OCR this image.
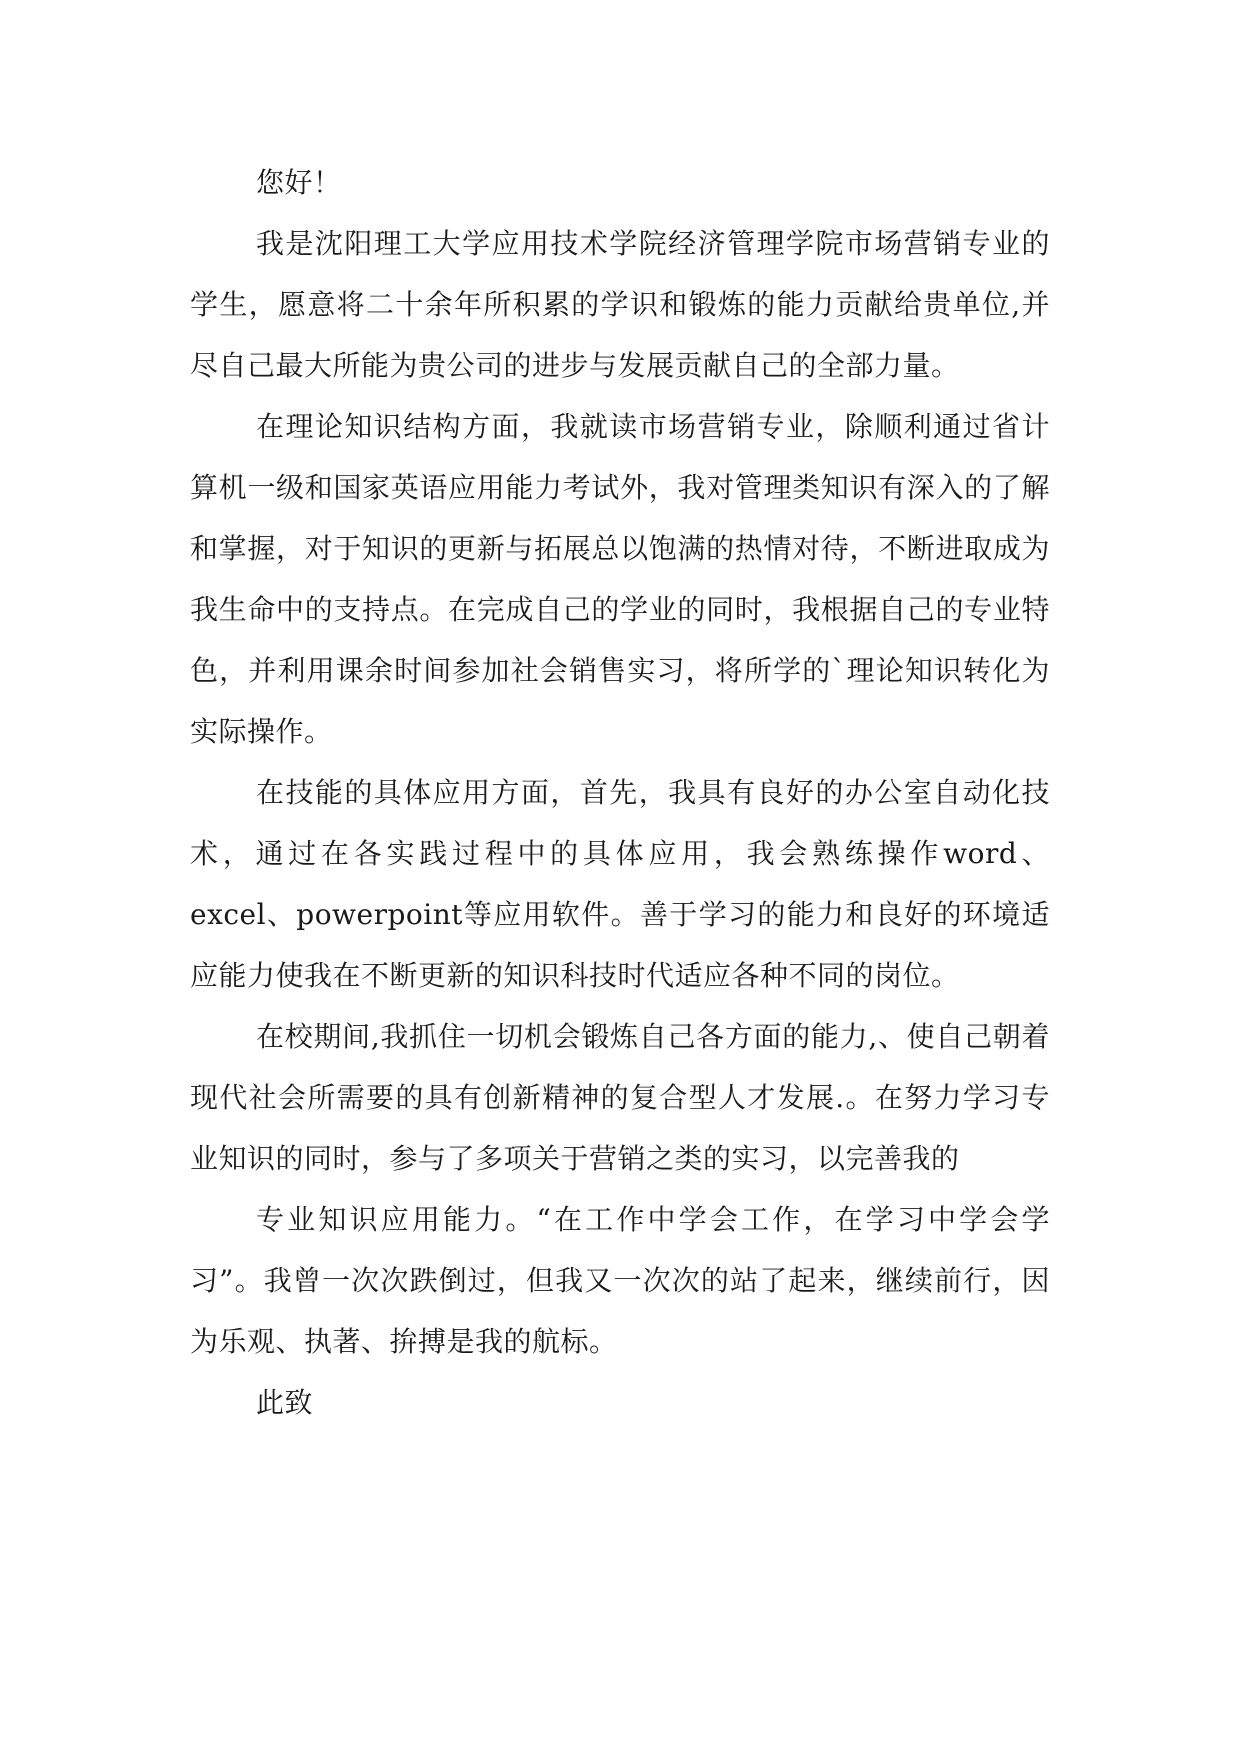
您好！

我是沈阳理工大学应用技术学院经济管理学院市场营销专业的学生，愿意将二十余年所积累的学识和锻炼的能力贡献给贵单位,并尽自己最大所能为贵公司的进步与发展贡献自己的全部力量。

在理论知识结构方面，我就读市场营销专业，除顺利通过省计算机一级和国家英语应用能力考试外，我对管理类知识有深入的了解和掌握，对于知识的更新与拓展总以饱满的热情对待，不断进取成为我生命中的支持点。在完成自己的学业的同时，我根据自己的专业特色，并利用课余时间参加社会销售实习，将所学的`理论知识转化为实际操作。

在技能的具体应用方面，首先，我具有良好的办公室自动化技术，通过在各实践过程中的具体应用，我会熟练操作word、excel、powerpoint等应用软件。善于学习的能力和良好的环境适应能力使我在不断更新的知识科技时代适应各种不同的岗位。

在校期间,我抓住一切机会锻炼自己各方面的能力,、使自己朝着现代社会所需要的具有创新精神的复合型人才发展.。在努力学习专业知识的同时，参与了多项关于营销之类的实习，以完善我的

专业知识应用能力。“在工作中学会工作，在学习中学会学习”。我曾一次次跌倒过，但我又一次次的站了起来，继续前行，因为乐观、执著、拚搏是我的航标。

此致
